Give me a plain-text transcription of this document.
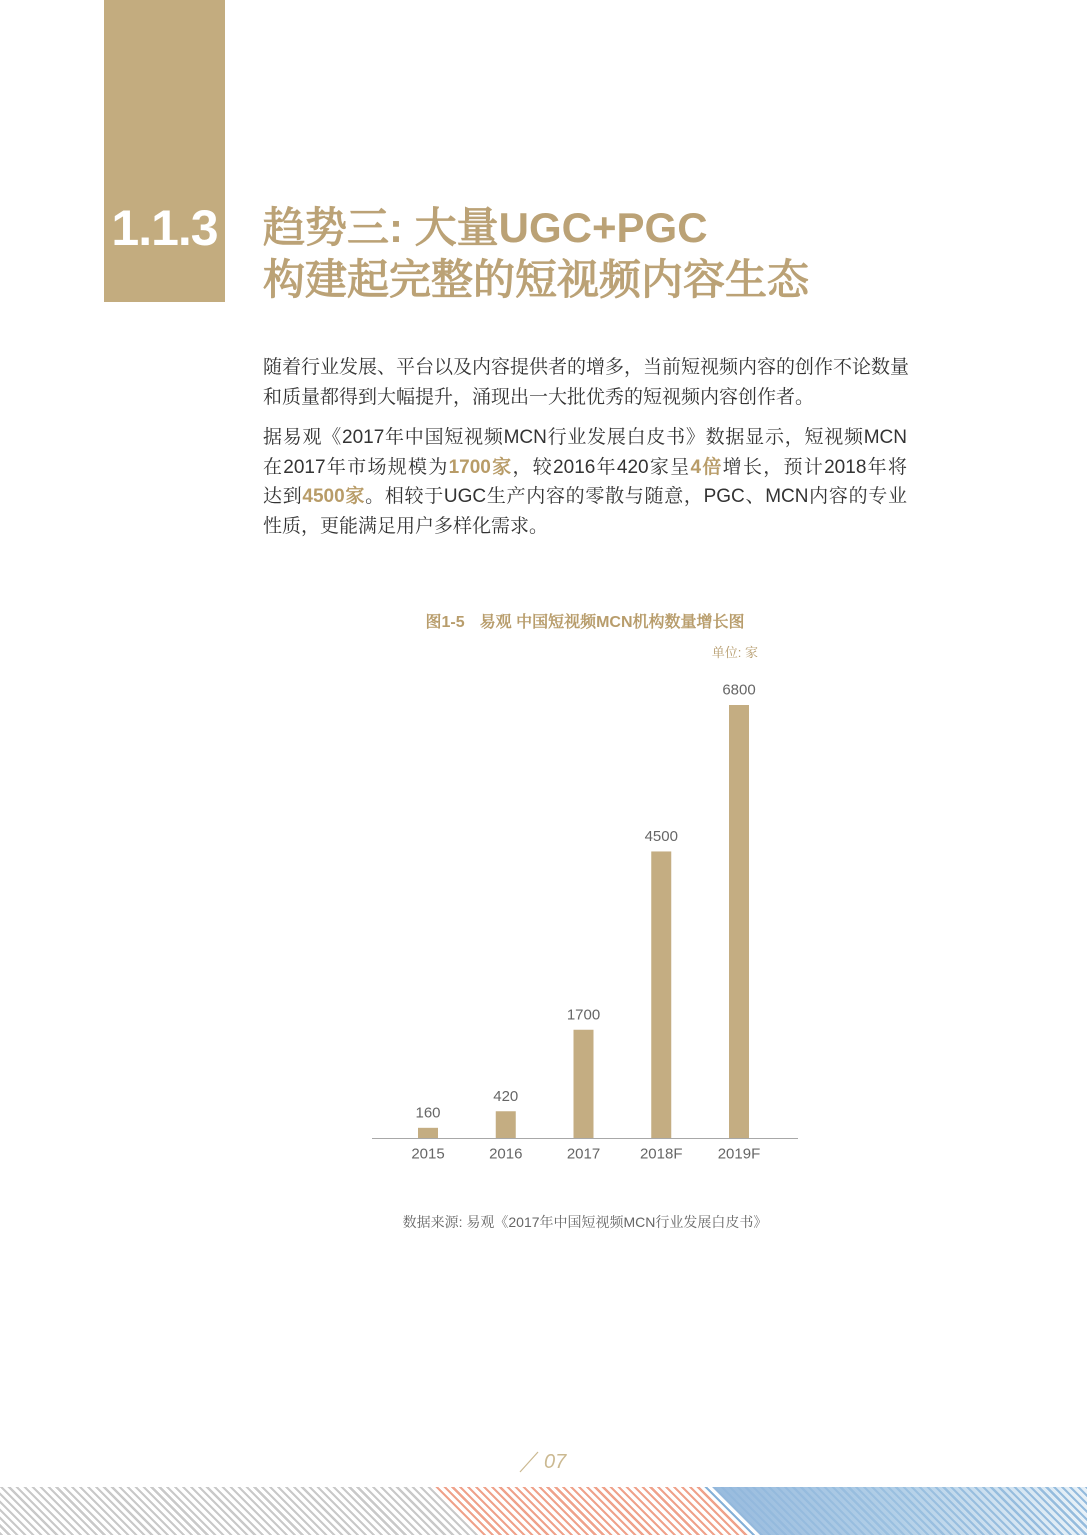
1.1.3 趋势三: 大量UGC+PGC
构建起完整的短视频内容生态
随着行业发展、平台以及内容提供者的增多，当前短视频内容的创作不论数量
和质量都得到大幅提升，涌现出一大批优秀的短视频内容创作者。
据易观《2017年中国短视频MCN行业发展白皮书》数据显示，短视频MCN
在2017年市场规模为1700家，较2016年420家呈4倍增长，预计2018年将
达到4500家。相较于UGC生产内容的零散与随意，PGC、MCN内容的专业
性质，更能满足用户多样化需求。
图1-5 易观 中国短视频MCN机构数量增长图
单位: 家
160
2015
420
2016
1700
2017
4500
2018F
6800
2019F
数据来源: 易观《2017年中国短视频MCN行业发展白皮书》
07
